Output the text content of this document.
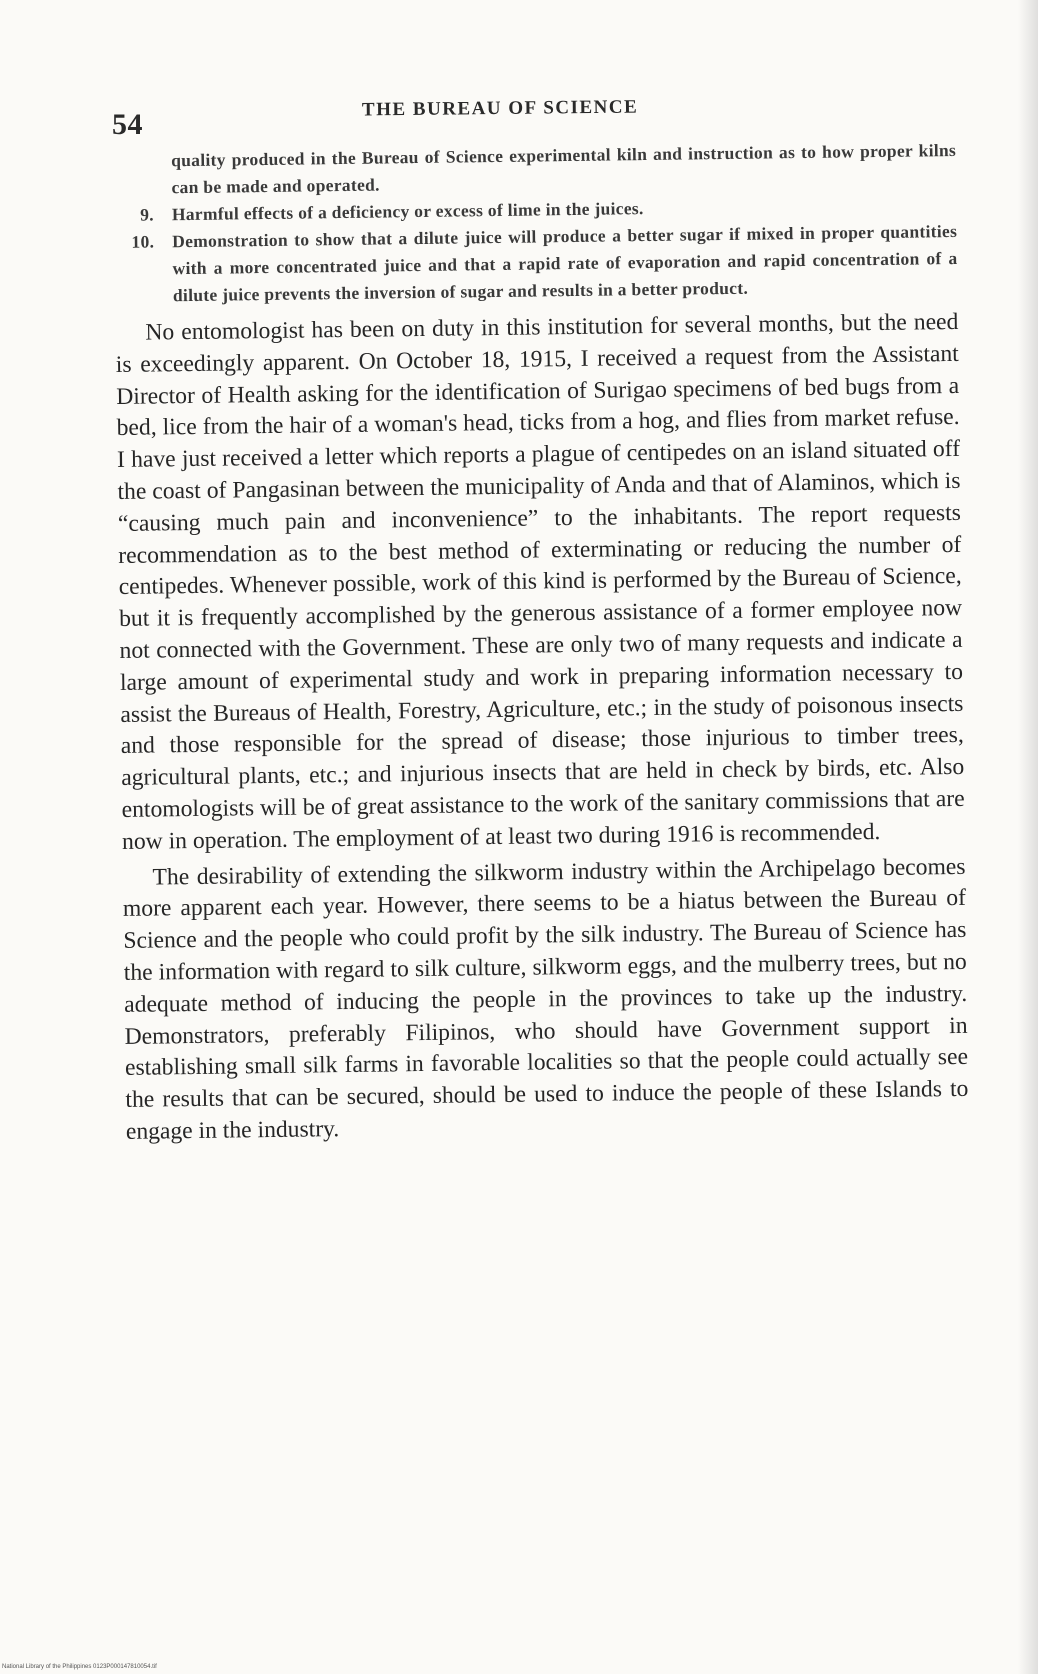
54	THE BUREAU OF SCIENCE
quality produced in the Bureau of Science experimental kiln and instruction as to how proper kilns can be made and operated.
9. Harmful effects of a deficiency or excess of lime in the juices.
10. Demonstration to show that a dilute juice will produce a better sugar if mixed in proper quantities with a more concentrated juice and that a rapid rate of evaporation and rapid concentration of a dilute juice prevents the inversion of sugar and results in a better product.

No entomologist has been on duty in this institution for several months, but the need is exceedingly apparent. On October 18, 1915, I received a request from the Assistant Director of Health asking for the identification of Surigao specimens of bed bugs from a bed, lice from the hair of a woman's head, ticks from a hog, and flies from market refuse. I have just received a letter which reports a plague of centipedes on an island situated off the coast of Pangasinan between the municipality of Anda and that of Alaminos, which is “causing much pain and inconvenience” to the inhabitants. The report requests recommendation as to the best method of exterminating or reducing the number of centipedes. Whenever possible, work of this kind is performed by the Bureau of Science, but it is frequently accomplished by the generous assistance of a former employee now not connected with the Government. These are only two of many requests and indicate a large amount of experimental study and work in preparing information necessary to assist the Bureaus of Health, Forestry, Agriculture, etc.; in the study of poisonous insects and those responsible for the spread of disease; those injurious to timber trees, agricultural plants, etc.; and injurious insects that are held in check by birds, etc. Also entomologists will be of great assistance to the work of the sanitary commissions that are now in operation. The employment of at least two during 1916 is recommended.

The desirability of extending the silkworm industry within the Archipelago becomes more apparent each year. However, there seems to be a hiatus between the Bureau of Science and the people who could profit by the silk industry. The Bureau of Science has the information with regard to silk culture, silkworm eggs, and the mulberry trees, but no adequate method of inducing the people in the provinces to take up the industry. Demonstrators, preferably Filipinos, who should have Government support in establishing small silk farms in favorable localities so that the people could actually see the results that can be secured, should be used to induce the people of these Islands to engage in the industry.

National Library of the Philippines 0123P000147810054.tif
